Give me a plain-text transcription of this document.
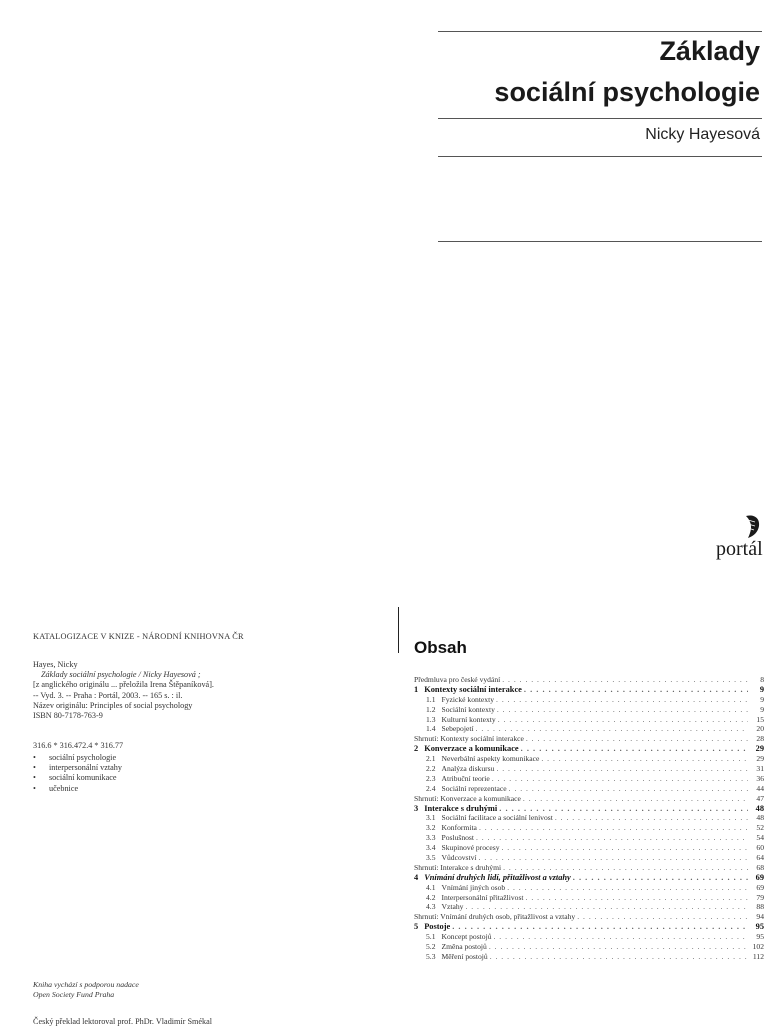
Základy
sociální psychologie
Nicky Hayesová
portál
KATALOGIZACE V KNIZE - NÁRODNÍ KNIHOVNA ČR
Hayes, Nicky
Základy sociální psychologie / Nicky Hayesová ;
[z anglického originálu ... přeložila Irena Štěpaníková].
-- Vyd. 3. -- Praha : Portál, 2003. -- 165 s. : il.
Název originálu: Principles of social psychology
ISBN 80-7178-763-9
316.6 * 316.472.4 * 316.77
•	sociální psychologie
•	interpersonální vztahy
•	sociální komunikace
•	učebnice
Kniha vychází s podporou nadace
Open Society Fund Praha
Český překlad lektoroval prof. PhDr. Vladimír Smékal
Obsah
Předmluva pro české vydání . . .	8
1 Kontexty sociální interakce . . .	9
1.1 Fyzické kontexty . . .	9
1.2 Sociální kontexty . . .	9
1.3 Kulturní kontexty . . .	15
1.4 Sebepojetí . . .	20
Shrnutí: Kontexty sociální interakce . . .	28
2 Konverzace a komunikace . . .	29
2.1 Neverbální aspekty komunikace . . .	29
2.2 Analýza diskursu . . .	31
2.3 Atribuční teorie . . .	36
2.4 Sociální reprezentace . . .	44
Shrnutí: Konverzace a komunikace . . .	47
3 Interakce s druhými . . .	48
3.1 Sociální facilitace a sociální lenivost . . .	48
3.2 Konformita . . .	52
3.3 Poslušnost . . .	54
3.4 Skupinové procesy . . .	60
3.5 Vůdcovství . . .	64
Shrnutí: Interakce s druhými . . .	68
4 Vnímání druhých lidí, přitažlivost a vztahy . . .	69
4.1 Vnímání jiných osob . . .	69
4.2 Interpersonální přitažlivost . . .	79
4.3 Vztahy . . .	88
Shrnutí: Vnímání druhých osob, přitažlivost a vztahy . . .	94
5 Postoje . . .	95
5.1 Koncept postojů . . .	95
5.2 Změna postojů . . .	102
5.3 Měření postojů . . .	112
